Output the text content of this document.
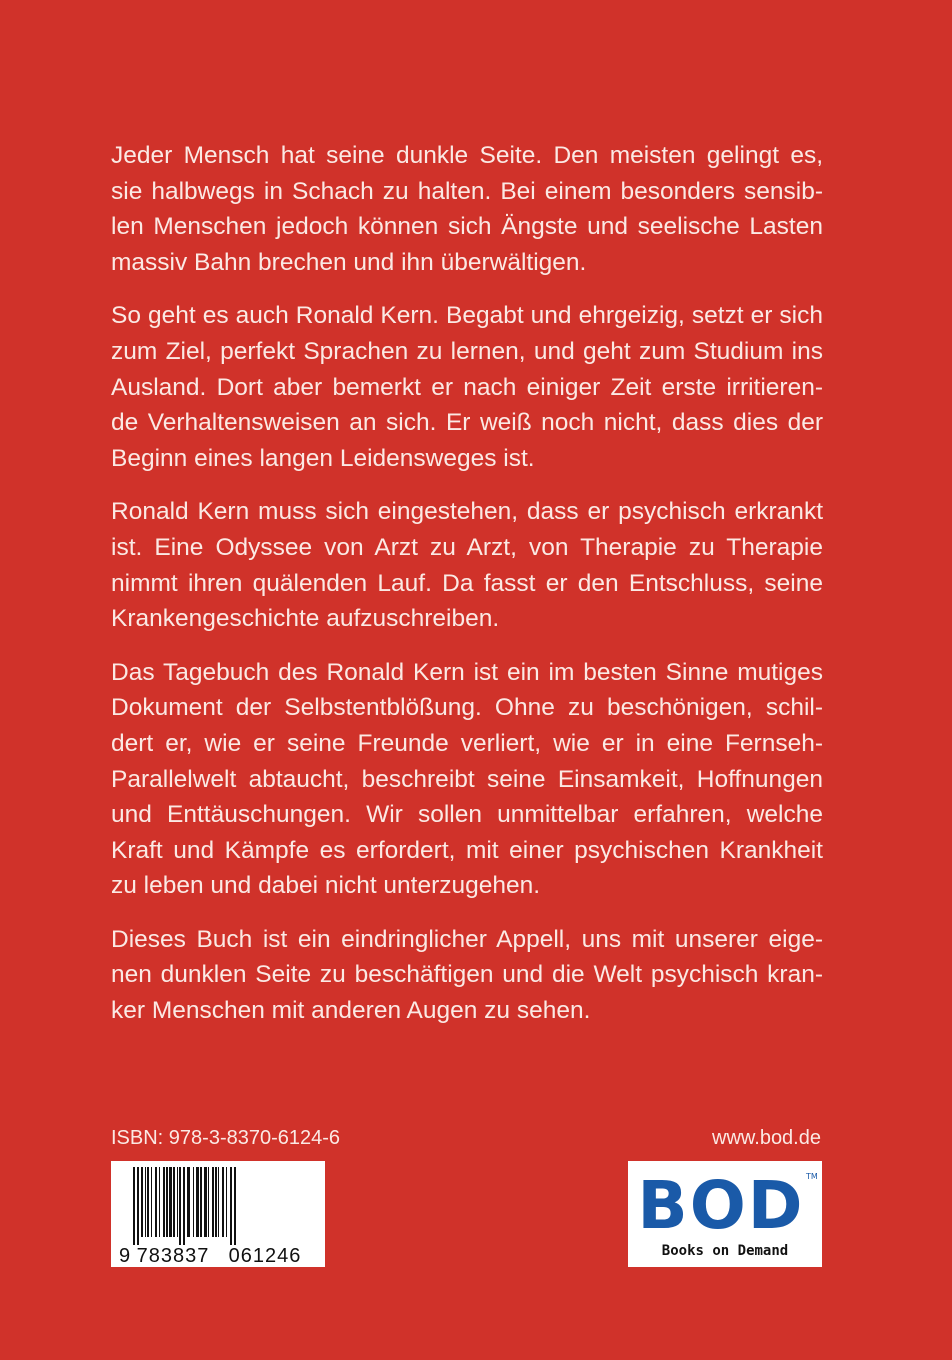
Jeder Mensch hat seine dunkle Seite. Den meisten gelingt es,
sie halbwegs in Schach zu halten. Bei einem besonders sensib-
len Menschen jedoch können sich Ängste und seelische Lasten
massiv Bahn brechen und ihn überwältigen.

So geht es auch Ronald Kern. Begabt und ehrgeizig, setzt er sich
zum Ziel, perfekt Sprachen zu lernen, und geht zum Studium ins
Ausland. Dort aber bemerkt er nach einiger Zeit erste irritieren-
de Verhaltensweisen an sich. Er weiß noch nicht, dass dies der
Beginn eines langen Leidensweges ist.

Ronald Kern muss sich eingestehen, dass er psychisch erkrankt
ist. Eine Odyssee von Arzt zu Arzt, von Therapie zu Therapie
nimmt ihren quälenden Lauf. Da fasst er den Entschluss, seine
Krankengeschichte aufzuschreiben.

Das Tagebuch des Ronald Kern ist ein im besten Sinne mutiges
Dokument der Selbstentblößung. Ohne zu beschönigen, schil-
dert er, wie er seine Freunde verliert, wie er in eine Fernseh-
Parallelwelt abtaucht, beschreibt seine Einsamkeit, Hoffnungen
und Enttäuschungen. Wir sollen unmittelbar erfahren, welche
Kraft und Kämpfe es erfordert, mit einer psychischen Krankheit
zu leben und dabei nicht unterzugehen.

Dieses Buch ist ein eindringlicher Appell, uns mit unserer eige-
nen dunklen Seite zu beschäftigen und die Welt psychisch kran-
ker Menschen mit anderen Augen zu sehen.

ISBN: 978-3-8370-6124-6	www.bod.de
9 783837 061246
BOD TM
Books on Demand
